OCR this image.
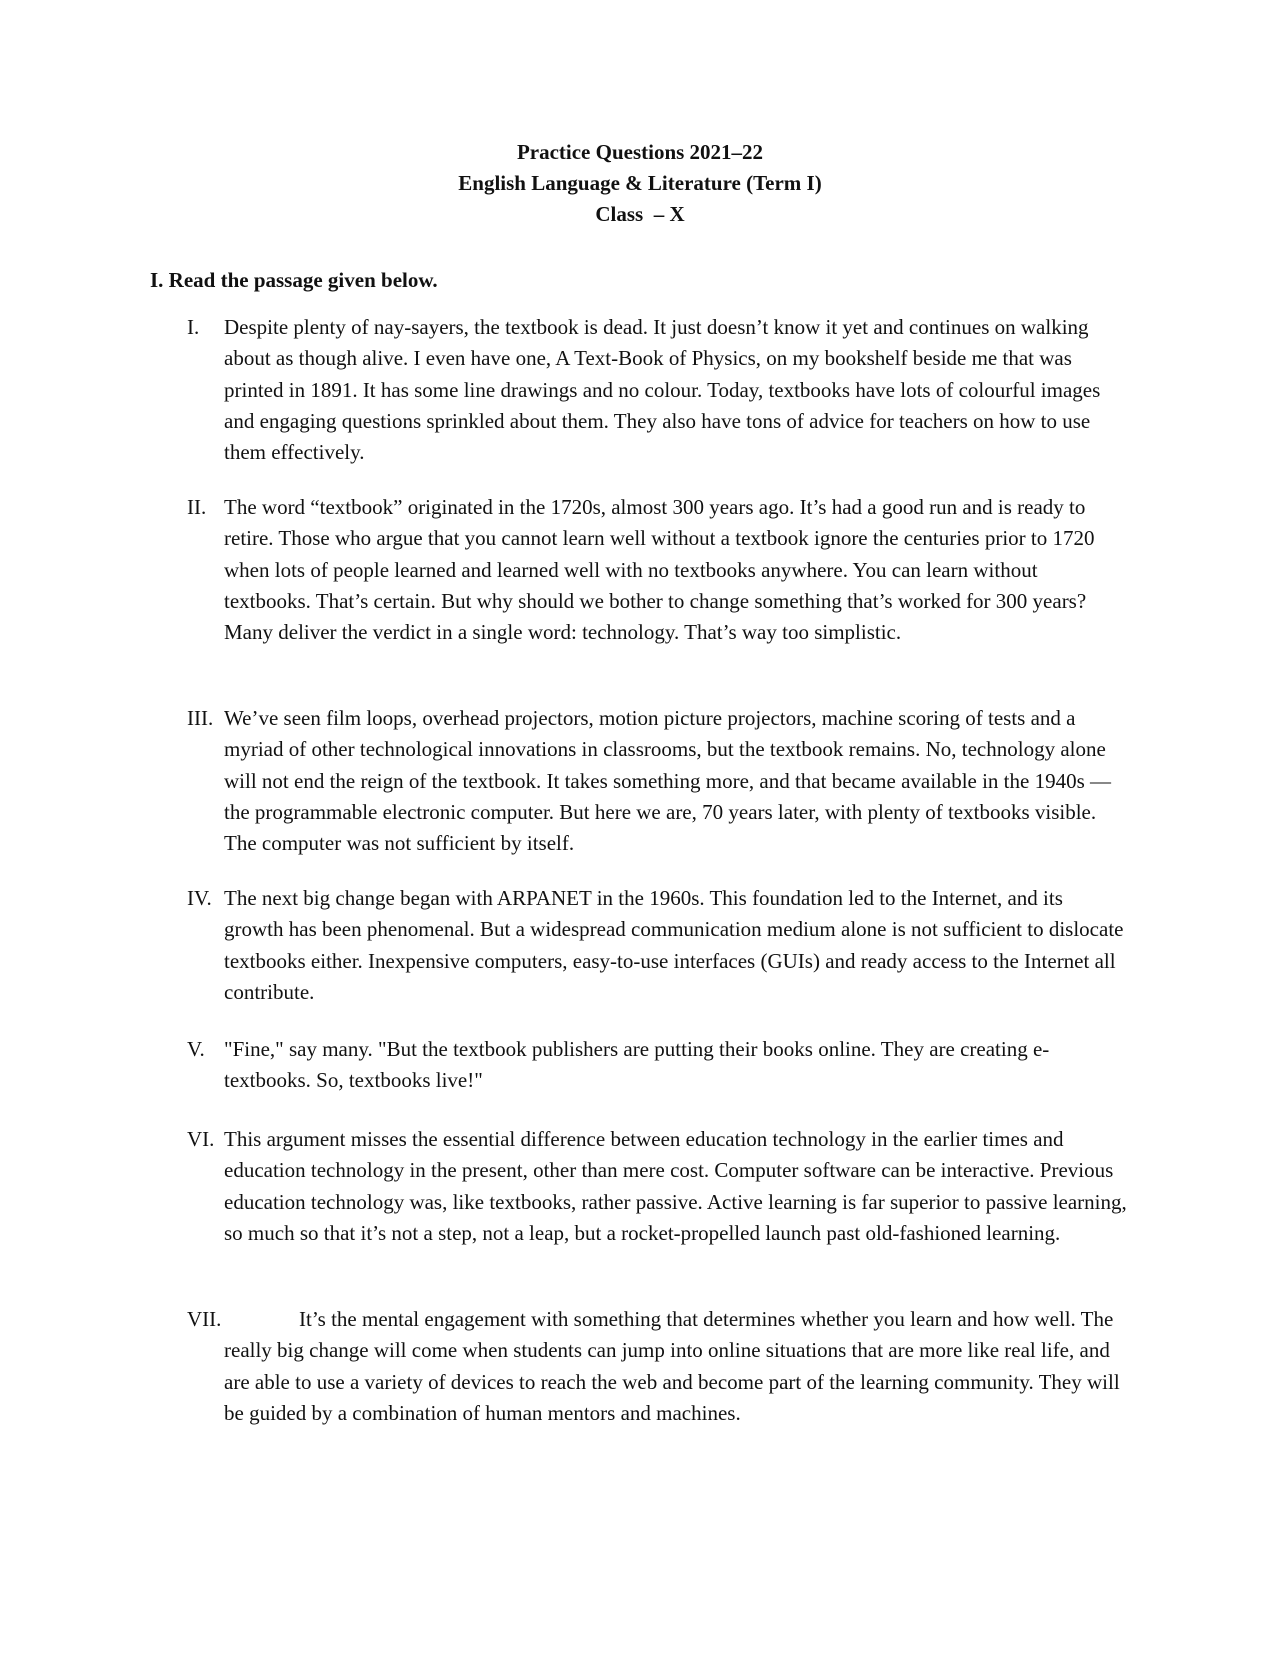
Practice Questions 2021–22
English Language & Literature (Term I)
Class  – X
I. Read the passage given below.
I. Despite plenty of nay-sayers, the textbook is dead. It just doesn’t know it yet and continues on walking about as though alive. I even have one, A Text-Book of Physics, on my bookshelf beside me that was printed in 1891. It has some line drawings and no colour. Today, textbooks have lots of colourful images and engaging questions sprinkled about them. They also have tons of advice for teachers on how to use them effectively.
II. The word “textbook” originated in the 1720s, almost 300 years ago. It’s had a good run and is ready to retire. Those who argue that you cannot learn well without a textbook ignore the centuries prior to 1720 when lots of people learned and learned well with no textbooks anywhere. You can learn without textbooks. That’s certain. But why should we bother to change something that’s worked for 300 years? Many deliver the verdict in a single word: technology. That’s way too simplistic.
III. We’ve seen film loops, overhead projectors, motion picture projectors, machine scoring of tests and a myriad of other technological innovations in classrooms, but the textbook remains. No, technology alone will not end the reign of the textbook. It takes something more, and that became available in the 1940s — the programmable electronic computer. But here we are, 70 years later, with plenty of textbooks visible. The computer was not sufficient by itself.
IV. The next big change began with ARPANET in the 1960s. This foundation led to the Internet, and its growth has been phenomenal. But a widespread communication medium alone is not sufficient to dislocate textbooks either. Inexpensive computers, easy-to-use interfaces (GUIs) and ready access to the Internet all contribute.
V. "Fine," say many. "But the textbook publishers are putting their books online. They are creating e-textbooks. So, textbooks live!"
VI. This argument misses the essential difference between education technology in the earlier times and education technology in the present, other than mere cost. Computer software can be interactive. Previous education technology was, like textbooks, rather passive. Active learning is far superior to passive learning, so much so that it’s not a step, not a leap, but a rocket-propelled launch past old-fashioned learning.
VII.	It’s the mental engagement with something that determines whether you learn and how well. The really big change will come when students can jump into online situations that are more like real life, and are able to use a variety of devices to reach the web and become part of the learning community. They will be guided by a combination of human mentors and machines.
